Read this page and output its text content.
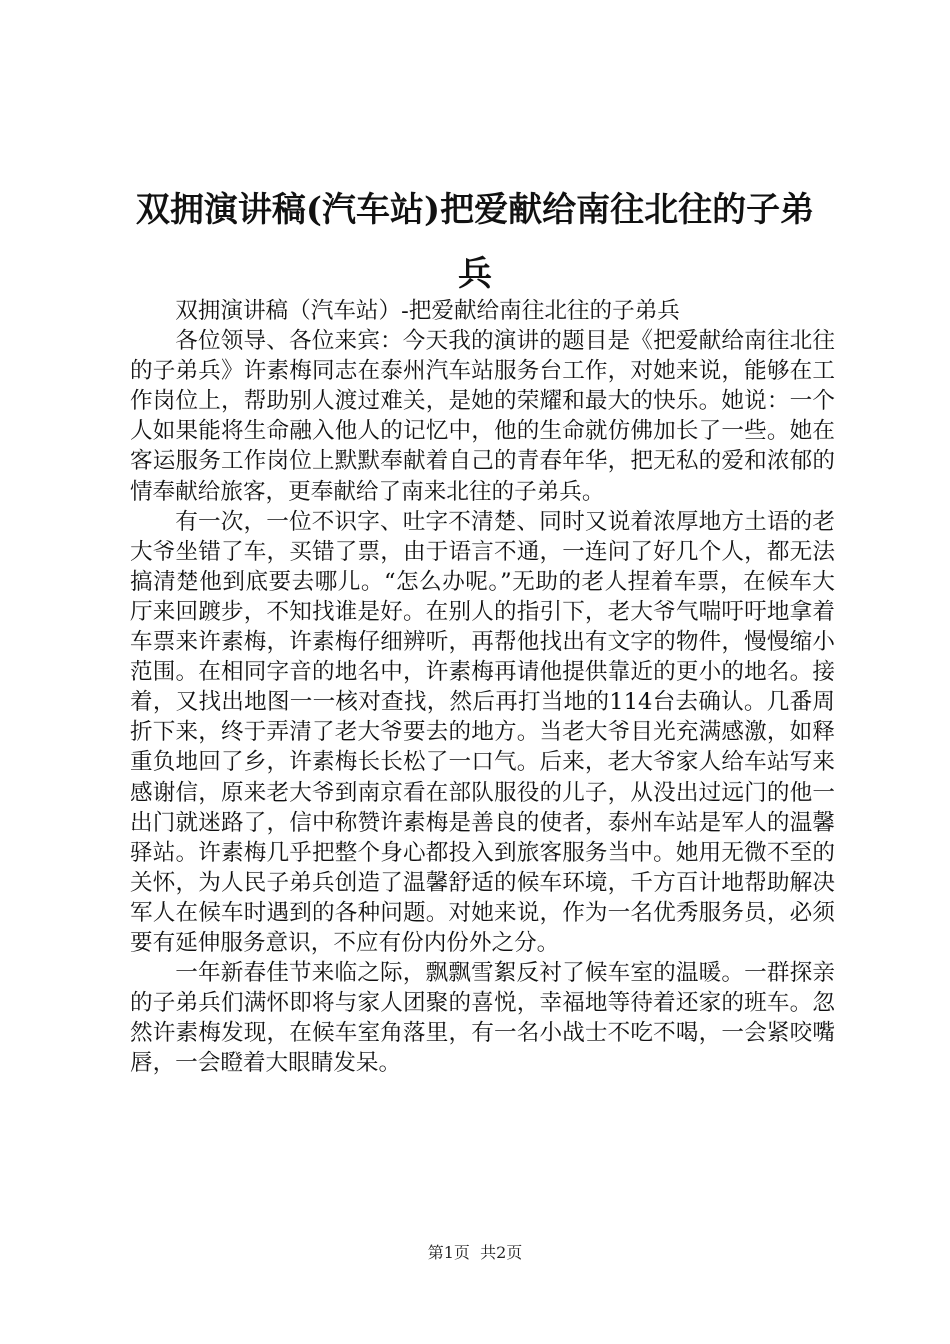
双拥演讲稿(汽车站)把爱献给南往北往的子弟兵

双拥演讲稿（汽车站）-把爱献给南往北往的子弟兵

各位领导、各位来宾：今天我的演讲的题目是《把爱献给南往北往的子弟兵》许素梅同志在泰州汽车站服务台工作，对她来说，能够在工作岗位上，帮助别人渡过难关，是她的荣耀和最大的快乐。她说：一个人如果能将生命融入他人的记忆中，他的生命就仿佛加长了一些。她在客运服务工作岗位上默默奉献着自己的青春年华，把无私的爱和浓郁的情奉献给旅客，更奉献给了南来北往的子弟兵。

有一次，一位不识字、吐字不清楚、同时又说着浓厚地方土语的老大爷坐错了车，买错了票，由于语言不通，一连问了好几个人，都无法搞清楚他到底要去哪儿。“怎么办呢。”无助的老人捏着车票，在候车大厅来回踱步，不知找谁是好。在别人的指引下，老大爷气喘吁吁地拿着车票来许素梅，许素梅仔细辨听，再帮他找出有文字的物件，慢慢缩小范围。在相同字音的地名中，许素梅再请他提供靠近的更小的地名。接着，又找出地图一一核对查找，然后再打当地的114台去确认。几番周折下来，终于弄清了老大爷要去的地方。当老大爷目光充满感激，如释重负地回了乡，许素梅长长松了一口气。后来，老大爷家人给车站写来感谢信，原来老大爷到南京看在部队服役的儿子，从没出过远门的他一出门就迷路了，信中称赞许素梅是善良的使者，泰州车站是军人的温馨驿站。许素梅几乎把整个身心都投入到旅客服务当中。她用无微不至的关怀，为人民子弟兵创造了温馨舒适的候车环境，千方百计地帮助解决军人在候车时遇到的各种问题。对她来说，作为一名优秀服务员，必须要有延伸服务意识，不应有份内份外之分。

一年新春佳节来临之际，飘飘雪絮反衬了候车室的温暖。一群探亲的子弟兵们满怀即将与家人团聚的喜悦，幸福地等待着还家的班车。忽然许素梅发现，在候车室角落里，有一名小战士不吃不喝，一会紧咬嘴唇，一会瞪着大眼睛发呆。

第1页 共2页
